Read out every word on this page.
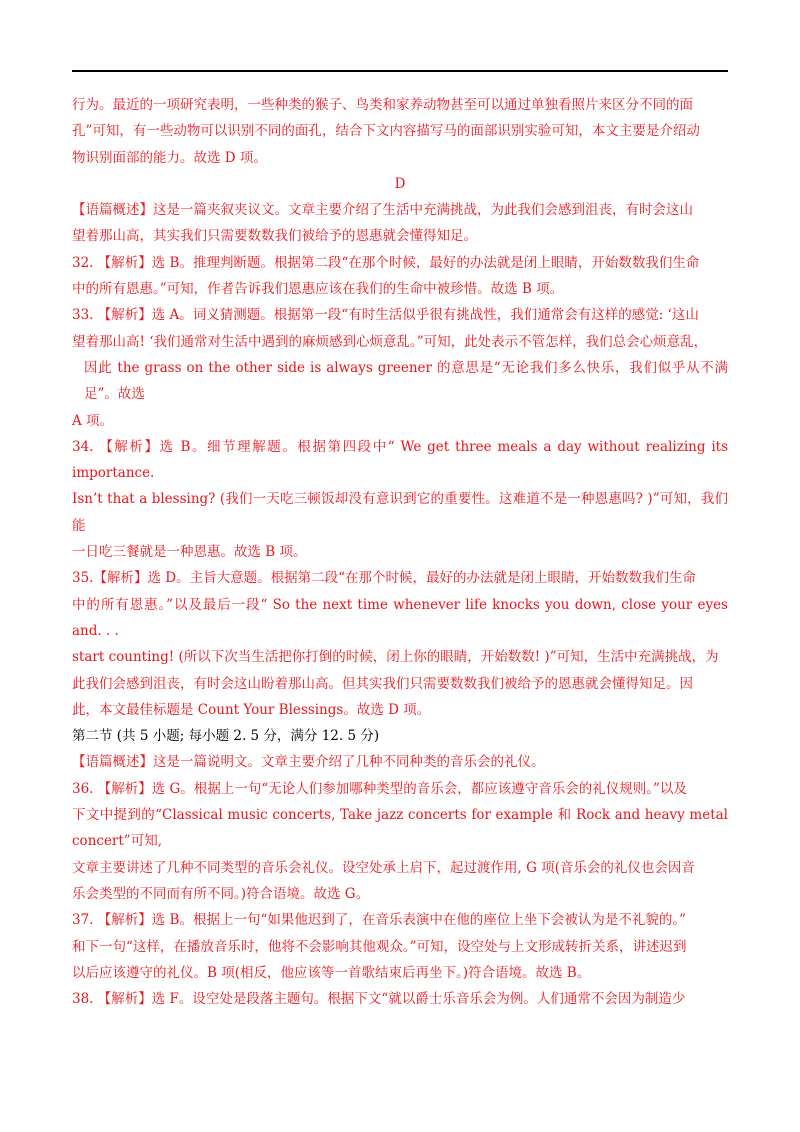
行为。最近的一项研究表明，一些种类的猴子、鸟类和家养动物甚至可以通过单独看照片来区分不同的面

孔”可知，有一些动物可以识别不同的面孔，结合下文内容描写马的面部识别实验可知，本文主要是介绍动

物识别面部的能力。故选 D 项。

D

【语篇概述】这是一篇夹叙夹议文。文章主要介绍了生活中充满挑战，为此我们会感到沮丧，有时会这山

望着那山高，其实我们只需要数数我们被给予的恩惠就会懂得知足。

32. 【解析】选 B。推理判断题。根据第二段“在那个时候，最好的办法就是闭上眼睛，开始数数我们生命

中的所有恩惠。”可知，作者告诉我们恩惠应该在我们的生命中被珍惜。故选 B 项。

33. 【解析】选 A。词义猜测题。根据第一段“有时生活似乎很有挑战性，我们通常会有这样的感觉: ‘这山

望着那山高! ‘我们通常对生活中遇到的麻烦感到心烦意乱。”可知，此处表示不管怎样，我们总会心烦意乱，

因此 the grass on the other side is always greener 的意思是“无论我们多么快乐，我们似乎从不满足”。故选

A 项。

34. 【解析】选 B。细节理解题。根据第四段中“ We get three meals a day without realizing its importance.

Isn’t that a blessing? (我们一天吃三顿饭却没有意识到它的重要性。这难道不是一种恩惠吗? )”可知，我们能

一日吃三餐就是一种恩惠。故选 B 项。

35.【解析】选 D。主旨大意题。根据第二段“在那个时候，最好的办法就是闭上眼睛，开始数数我们生命

中的所有恩惠。”以及最后一段“ So the next time whenever life knocks you down, close your eyes and. . .

start counting! (所以下次当生活把你打倒的时候，闭上你的眼睛，开始数数! )”可知，生活中充满挑战，为

此我们会感到沮丧，有时会这山盼着那山高。但其实我们只需要数数我们被给予的恩惠就会懂得知足。因

此，本文最佳标题是 Count Your Blessings。故选 D 项。

第二节 (共 5 小题; 每小题 2. 5 分，满分 12. 5 分)

【语篇概述】这是一篇说明文。文章主要介绍了几种不同种类的音乐会的礼仪。

36. 【解析】选 G。根据上一句“无论人们参加哪种类型的音乐会，都应该遵守音乐会的礼仪规则。”以及

下文中提到的“Classical music concerts, Take jazz concerts for example 和 Rock and heavy metal concert”可知,

文章主要讲述了几种不同类型的音乐会礼仪。设空处承上启下，起过渡作用, G 项(音乐会的礼仪也会因音

乐会类型的不同而有所不同。)符合语境。故选 G。

37. 【解析】选 B。根据上一句“如果他迟到了，在音乐表演中在他的座位上坐下会被认为是不礼貌的。”

和下一句“这样，在播放音乐时，他将不会影响其他观众。”可知，设空处与上文形成转折关系，讲述迟到

以后应该遵守的礼仪。B 项(相反，他应该等一首歌结束后再坐下。)符合语境。故选 B。

38. 【解析】选 F。设空处是段落主题句。根据下文“就以爵士乐音乐会为例。人们通常不会因为制造少
